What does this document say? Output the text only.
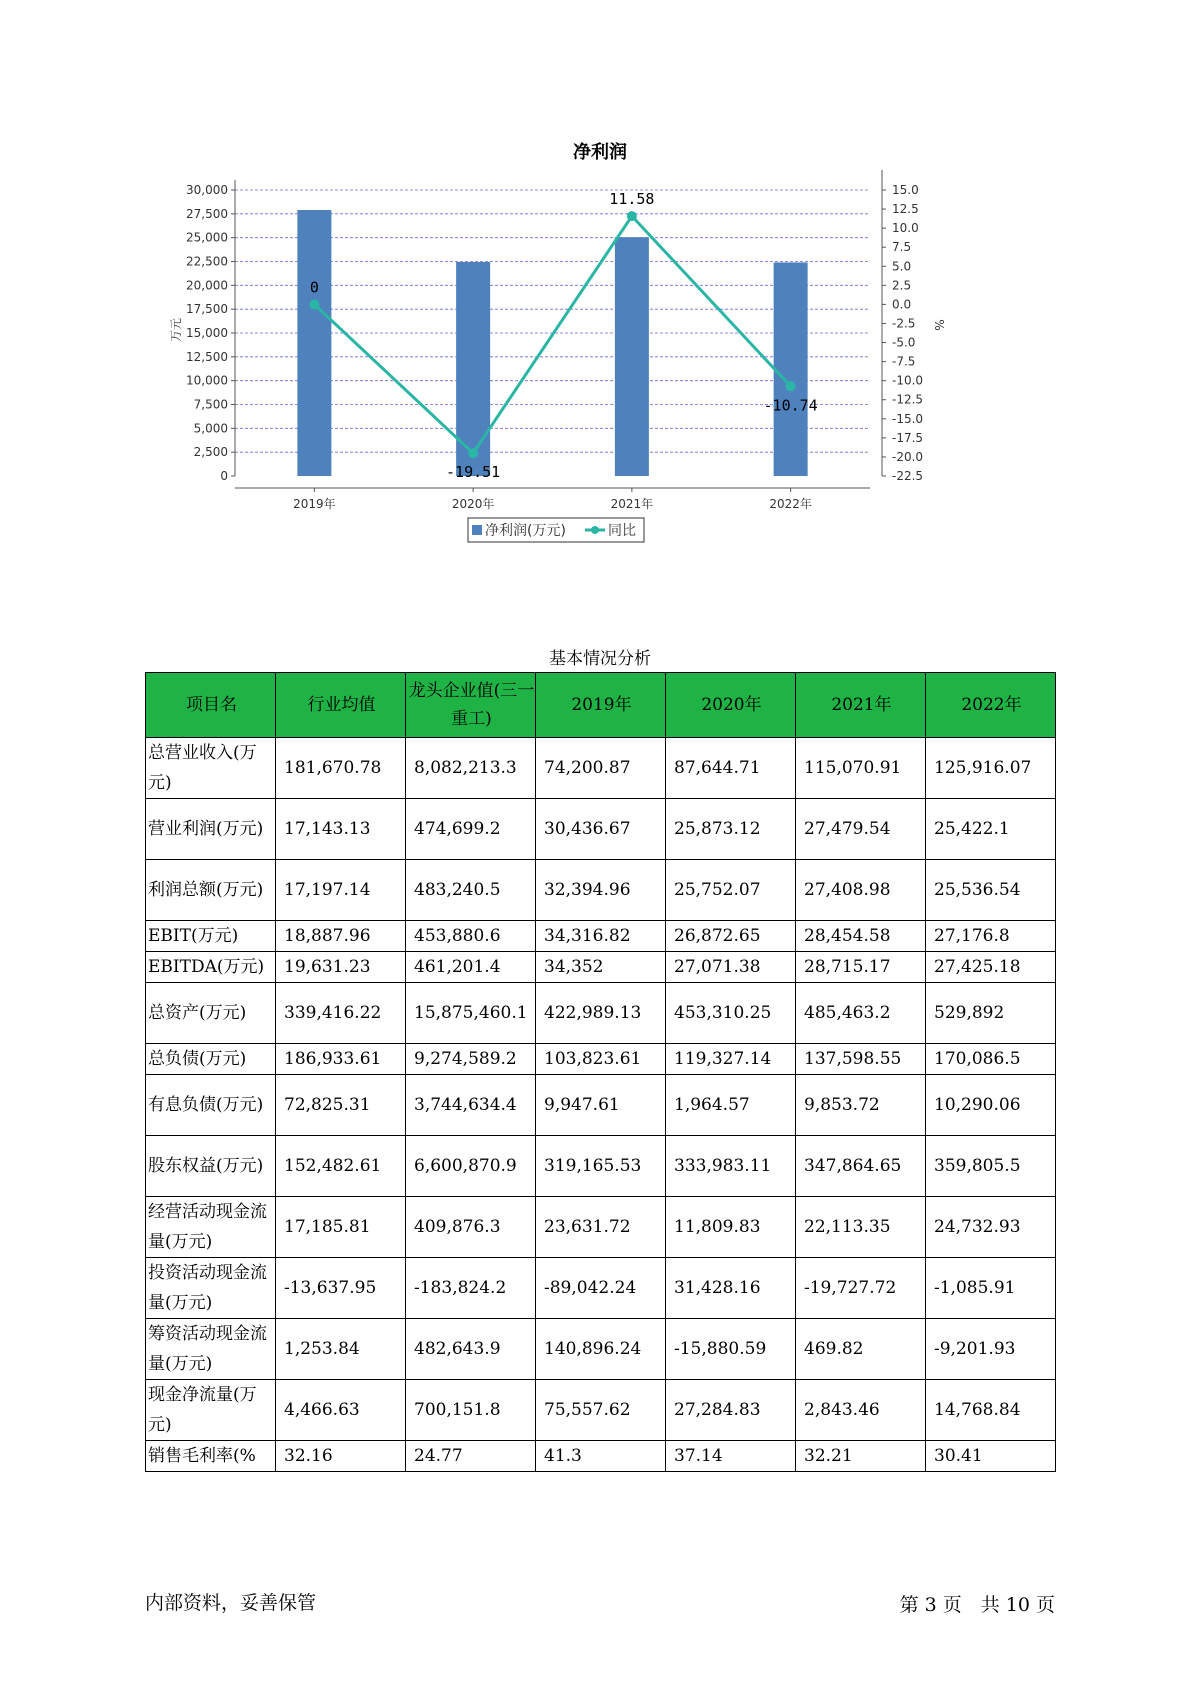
净利润
0
2,500
5,000
7,500
10,000
12,500
15,000
17,500
20,000
22,500
25,000
27,500
30,000	15.0
12.5
10.0
7.5
5.0
2.5
0.0
-2.5
-5.0
-7.5
-10.0
-12.5
-15.0
-17.5
-20.0
-22.5
万元	%
2019年	2020年	2021年	2022年
0
-19.51
11.58
-10.74
净利润(万元)	同比
基本情况分析
项目名	行业均值	龙头企业值(三一重工)	2019年	2020年	2021年	2022年
总营业收入(万元)	181,670.78	8,082,213.3	74,200.87	87,644.71	115,070.91	125,916.07
营业利润(万元)	17,143.13	474,699.2	30,436.67	25,873.12	27,479.54	25,422.1
利润总额(万元)	17,197.14	483,240.5	32,394.96	25,752.07	27,408.98	25,536.54
EBIT(万元)	18,887.96	453,880.6	34,316.82	26,872.65	28,454.58	27,176.8
EBITDA(万元)	19,631.23	461,201.4	34,352	27,071.38	28,715.17	27,425.18
总资产(万元)	339,416.22	15,875,460.1	422,989.13	453,310.25	485,463.2	529,892
总负债(万元)	186,933.61	9,274,589.2	103,823.61	119,327.14	137,598.55	170,086.5
有息负债(万元)	72,825.31	3,744,634.4	9,947.61	1,964.57	9,853.72	10,290.06
股东权益(万元)	152,482.61	6,600,870.9	319,165.53	333,983.11	347,864.65	359,805.5
经营活动现金流量(万元)	17,185.81	409,876.3	23,631.72	11,809.83	22,113.35	24,732.93
投资活动现金流量(万元)	-13,637.95	-183,824.2	-89,042.24	31,428.16	-19,727.72	-1,085.91
筹资活动现金流量(万元)	1,253.84	482,643.9	140,896.24	-15,880.59	469.82	-9,201.93
现金净流量(万元)	4,466.63	700,151.8	75,557.62	27,284.83	2,843.46	14,768.84
销售毛利率(%	32.16	24.77	41.3	37.14	32.21	30.41
内部资料，妥善保管	第 3 页　共 10 页
